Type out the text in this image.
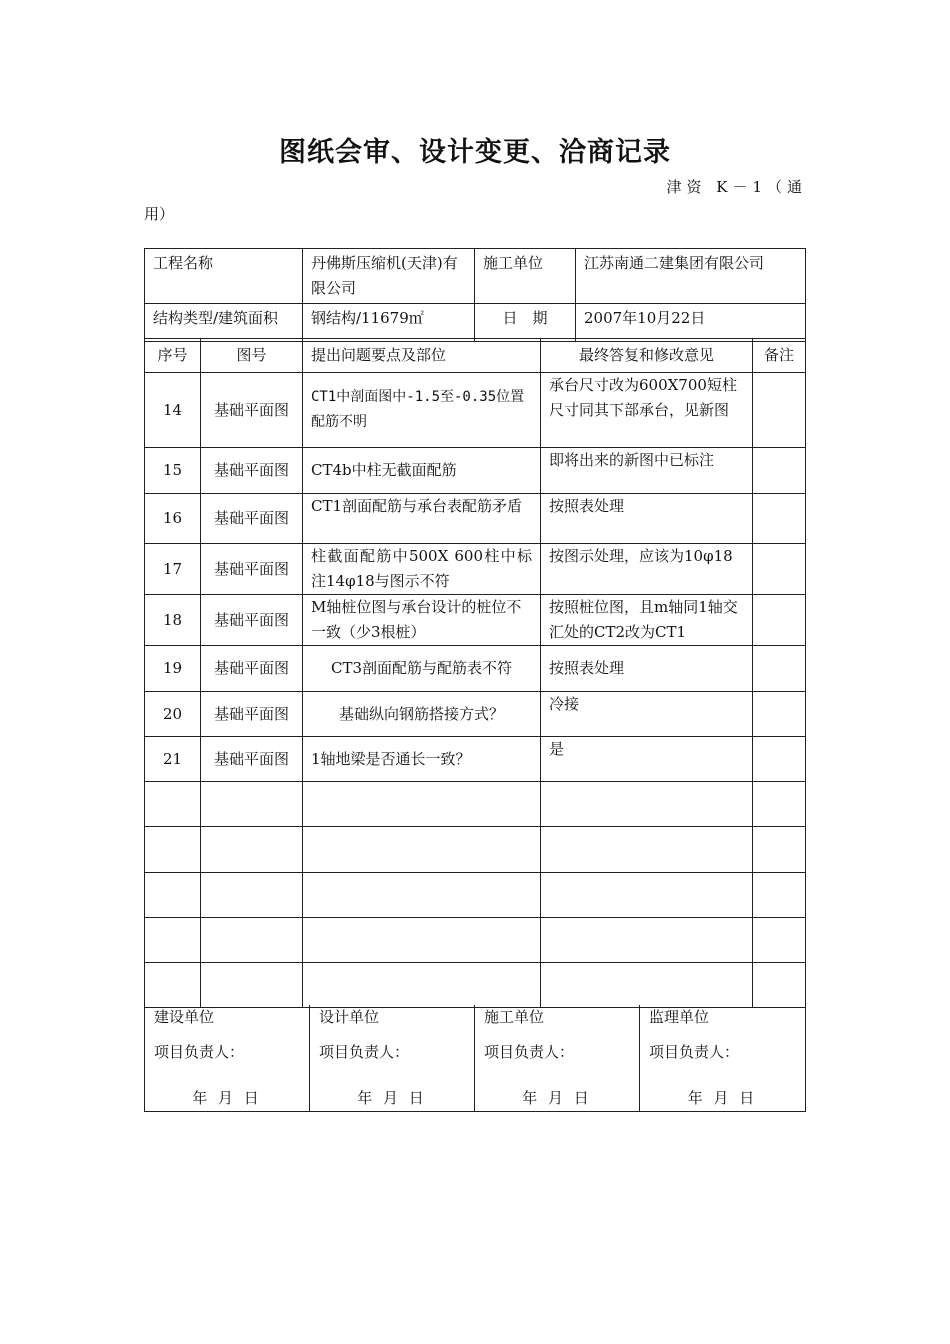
图纸会审、设计变更、洽商记录
津资 K－1（通
用）
工程名称	丹佛斯压缩机(天津)有限公司	施工单位	江苏南通二建集团有限公司
结构类型/建筑面积	钢结构/11679㎡	日　期	2007年10月22日
序号	图号	提出问题要点及部位	最终答复和修改意见	备注
14	基础平面图	CT1中剖面图中-1.5至-0.35位置配筋不明	承台尺寸改为600X700短柱尺寸同其下部承台，见新图	
15	基础平面图	CT4b中柱无截面配筋	即将出来的新图中已标注	
16	基础平面图	CT1剖面配筋与承台表配筋矛盾	按照表处理	
17	基础平面图	柱截面配筋中500X 600柱中标注14φ18与图示不符	按图示处理，应该为10φ18	
18	基础平面图	M轴桩位图与承台设计的桩位不一致（少3根桩）	按照桩位图，且m轴同1轴交汇处的CT2改为CT1	
19	基础平面图	CT3剖面配筋与配筋表不符	按照表处理	
20	基础平面图	基础纵向钢筋搭接方式？	冷接	
21	基础平面图	1轴地梁是否通长一致？	是	

建设单位
项目负责人：
年 月 日

设计单位
项目负责人：
年 月 日

施工单位
项目负责人：
年 月 日

监理单位
项目负责人：
年 月 日
